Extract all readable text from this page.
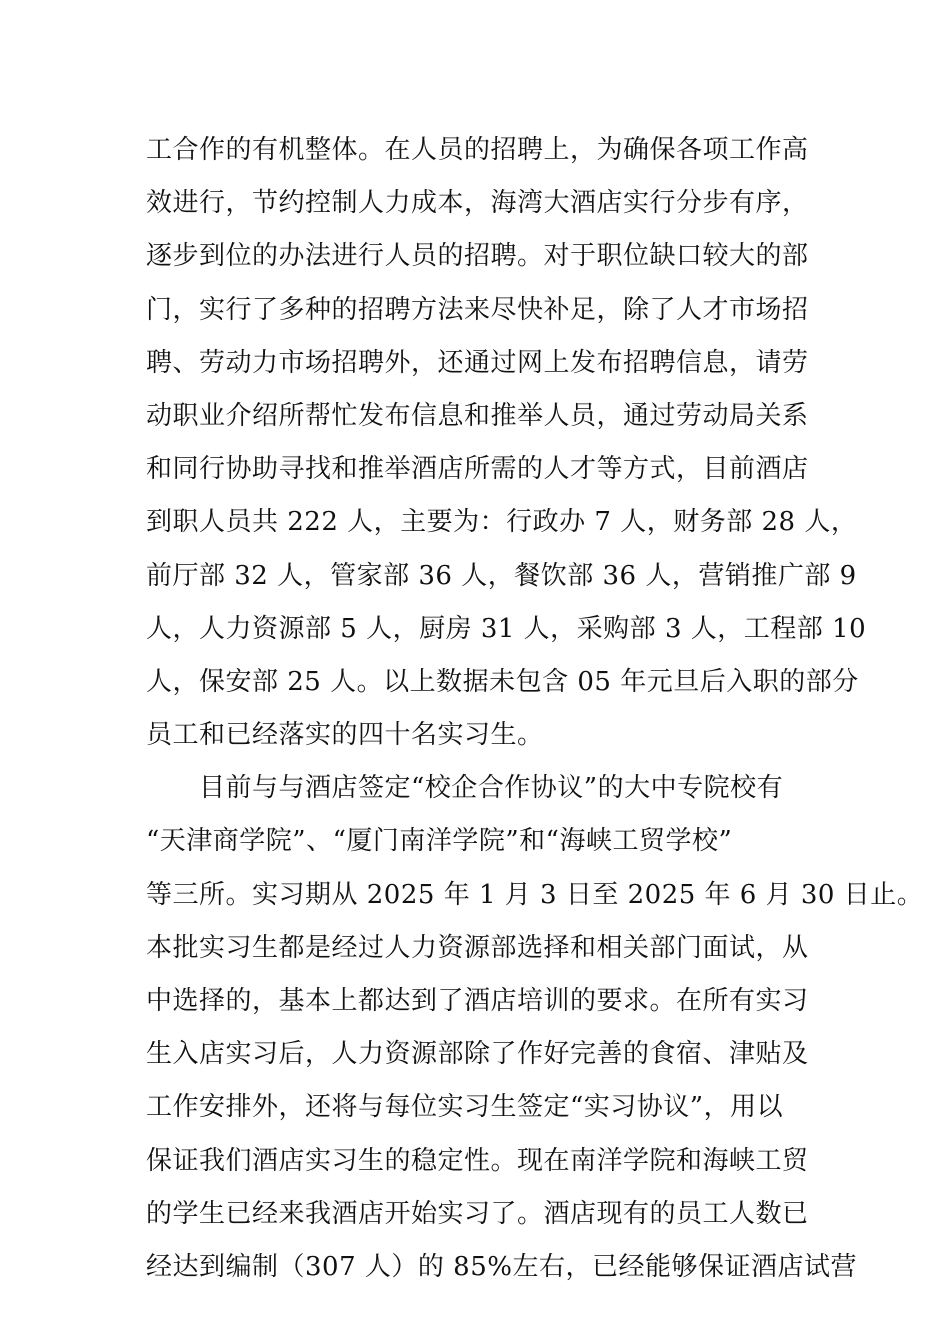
工合作的有机整体。在人员的招聘上，为确保各项工作高
效进行，节约控制人力成本，海湾大酒店实行分步有序，
逐步到位的办法进行人员的招聘。对于职位缺口较大的部
门，实行了多种的招聘方法来尽快补足，除了人才市场招
聘、劳动力市场招聘外，还通过网上发布招聘信息，请劳
动职业介绍所帮忙发布信息和推举人员，通过劳动局关系
和同行协助寻找和推举酒店所需的人才等方式，目前酒店
到职人员共 222 人，主要为：行政办 7 人，财务部 28 人，
前厅部 32 人，管家部 36 人，餐饮部 36 人，营销推广部 9
人，人力资源部 5 人，厨房 31 人，采购部 3 人，工程部 10
人，保安部 25 人。以上数据未包含 05 年元旦后入职的部分
员工和已经落实的四十名实习生。
　　目前与与酒店签定“校企合作协议”的大中专院校有
“天津商学院”、“厦门南洋学院”和“海峡工贸学校”
等三所。实习期从 2025 年 1 月 3 日至 2025 年 6 月 30 日止。
本批实习生都是经过人力资源部选择和相关部门面试，从
中选择的，基本上都达到了酒店培训的要求。在所有实习
生入店实习后，人力资源部除了作好完善的食宿、津贴及
工作安排外，还将与每位实习生签定“实习协议”，用以
保证我们酒店实习生的稳定性。现在南洋学院和海峡工贸
的学生已经来我酒店开始实习了。酒店现有的员工人数已
经达到编制（307 人）的 85%左右，已经能够保证酒店试营
